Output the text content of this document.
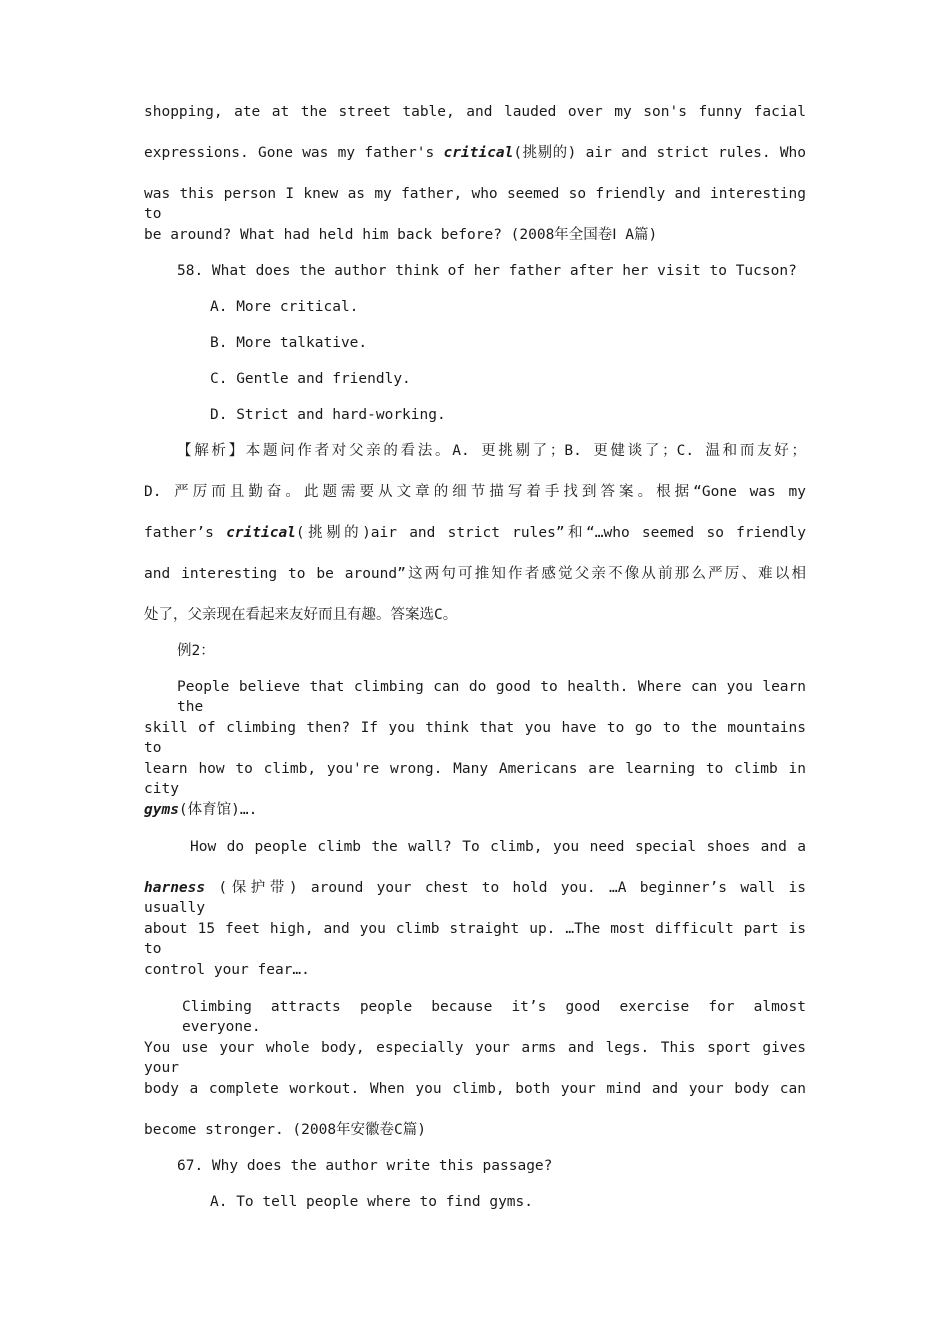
shopping, ate at the street table, and lauded over my son's funny facial
expressions. Gone was my father's critical(挑剔的) air and strict rules. Who
was this person I knew as my father, who seemed so friendly and interesting to
be around? What had held him back before? (2008年全国卷Ⅰ A篇)
58. What does the author think of her father after her visit to Tucson?
A. More critical.
B. More talkative.
C. Gentle and friendly.
D. Strict and hard-working.
【解析】本题问作者对父亲的看法。A. 更挑剔了；B. 更健谈了；C. 温和而友好；
D. 严厉而且勤奋。此题需要从文章的细节描写着手找到答案。根据“Gone was my
father’s critical(挑剔的)air and strict rules”和“…who seemed so friendly
and interesting to be around”这两句可推知作者感觉父亲不像从前那么严厉、难以相
处了，父亲现在看起来友好而且有趣。答案选C。
例2：
People believe that climbing can do good to health. Where can you learn the
skill of climbing then? If you think that you have to go to the mountains to
learn how to climb, you're wrong. Many Americans are learning to climb in city
gyms(体育馆)….
How do people climb the wall? To climb, you need special shoes and a
harness (保护带) around your chest to hold you. …A beginner’s wall is usually
about 15 feet high, and you climb straight up. …The most difficult part is to
control your fear….
Climbing attracts people because it’s good exercise for almost everyone.
You use your whole body, especially your arms and legs. This sport gives your
body a complete workout. When you climb, both your mind and your body can
become stronger. (2008年安徽卷C篇)
67. Why does the author write this passage?
A. To tell people where to find gyms.
